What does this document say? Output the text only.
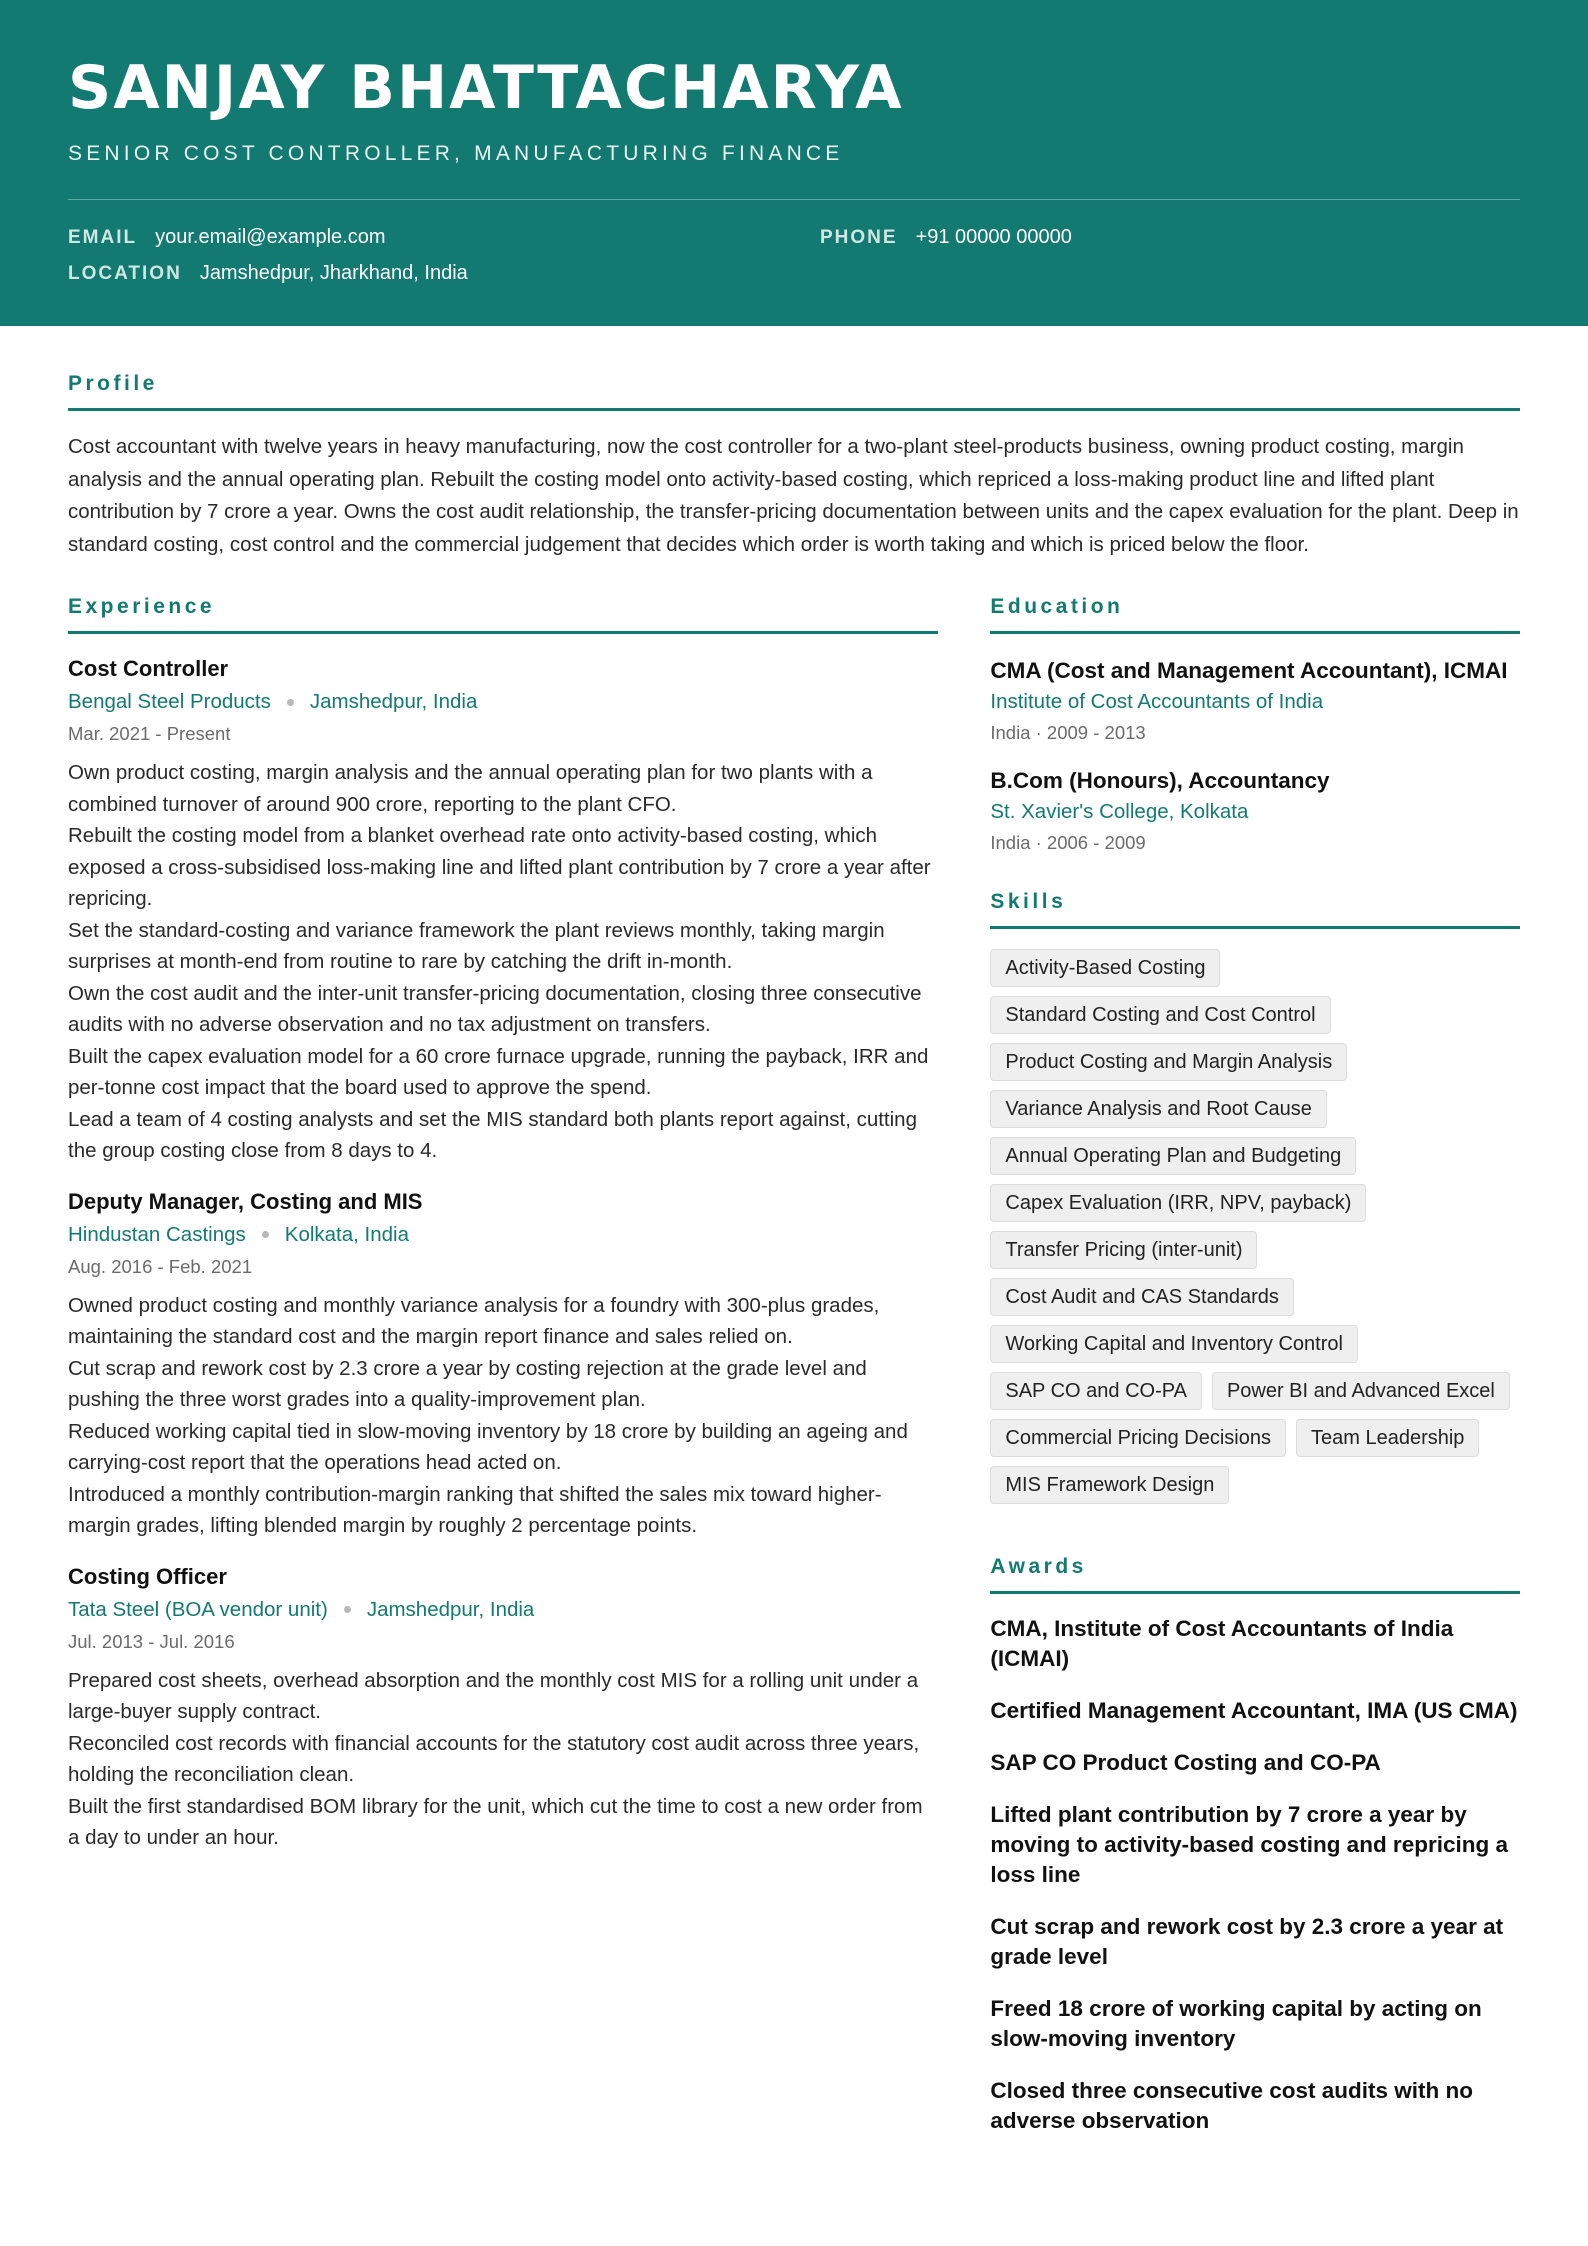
SANJAY BHATTACHARYA
SENIOR COST CONTROLLER, MANUFACTURING FINANCE
EMAIL your.email@example.com	PHONE +91 00000 00000
LOCATION Jamshedpur, Jharkhand, India
Profile

Cost accountant with twelve years in heavy manufacturing, now the cost controller for a two-plant steel-products business, owning product costing, margin analysis and the annual operating plan. Rebuilt the costing model onto activity-based costing, which repriced a loss-making product line and lifted plant contribution by 7 crore a year. Owns the cost audit relationship, the transfer-pricing documentation between units and the capex evaluation for the plant. Deep in standard costing, cost control and the commercial judgement that decides which order is worth taking and which is priced below the floor.

Experience
Cost Controller
Bengal Steel Products Jamshedpur, India
Mar. 2021 - Present
Own product costing, margin analysis and the annual operating plan for two plants with a combined turnover of around 900 crore, reporting to the plant CFO.
Rebuilt the costing model from a blanket overhead rate onto activity-based costing, which exposed a cross-subsidised loss-making line and lifted plant contribution by 7 crore a year after repricing.
Set the standard-costing and variance framework the plant reviews monthly, taking margin surprises at month-end from routine to rare by catching the drift in-month.
Own the cost audit and the inter-unit transfer-pricing documentation, closing three consecutive audits with no adverse observation and no tax adjustment on transfers.
Built the capex evaluation model for a 60 crore furnace upgrade, running the payback, IRR and per-tonne cost impact that the board used to approve the spend.
Lead a team of 4 costing analysts and set the MIS standard both plants report against, cutting the group costing close from 8 days to 4.
Deputy Manager, Costing and MIS
Hindustan Castings Kolkata, India
Aug. 2016 - Feb. 2021
Owned product costing and monthly variance analysis for a foundry with 300-plus grades, maintaining the standard cost and the margin report finance and sales relied on.
Cut scrap and rework cost by 2.3 crore a year by costing rejection at the grade level and pushing the three worst grades into a quality-improvement plan.
Reduced working capital tied in slow-moving inventory by 18 crore by building an ageing and carrying-cost report that the operations head acted on.
Introduced a monthly contribution-margin ranking that shifted the sales mix toward higher-margin grades, lifting blended margin by roughly 2 percentage points.
Costing Officer
Tata Steel (BOA vendor unit) Jamshedpur, India
Jul. 2013 - Jul. 2016
Prepared cost sheets, overhead absorption and the monthly cost MIS for a rolling unit under a large-buyer supply contract.
Reconciled cost records with financial accounts for the statutory cost audit across three years, holding the reconciliation clean.
Built the first standardised BOM library for the unit, which cut the time to cost a new order from a day to under an hour.
Education
CMA (Cost and Management Accountant), ICMAI
Institute of Cost Accountants of India
India · 2009 - 2013
B.Com (Honours), Accountancy
St. Xavier's College, Kolkata
India · 2006 - 2009
Skills
Activity-Based Costing
Standard Costing and Cost Control
Product Costing and Margin Analysis
Variance Analysis and Root Cause
Annual Operating Plan and Budgeting
Capex Evaluation (IRR, NPV, payback)
Transfer Pricing (inter-unit)
Cost Audit and CAS Standards
Working Capital and Inventory Control
SAP CO and CO-PA	Power BI and Advanced Excel
Commercial Pricing Decisions	Team Leadership
MIS Framework Design
Awards
CMA, Institute of Cost Accountants of India (ICMAI)
Certified Management Accountant, IMA (US CMA)
SAP CO Product Costing and CO-PA
Lifted plant contribution by 7 crore a year by moving to activity-based costing and repricing a loss line
Cut scrap and rework cost by 2.3 crore a year at grade level
Freed 18 crore of working capital by acting on slow-moving inventory
Closed three consecutive cost audits with no adverse observation
